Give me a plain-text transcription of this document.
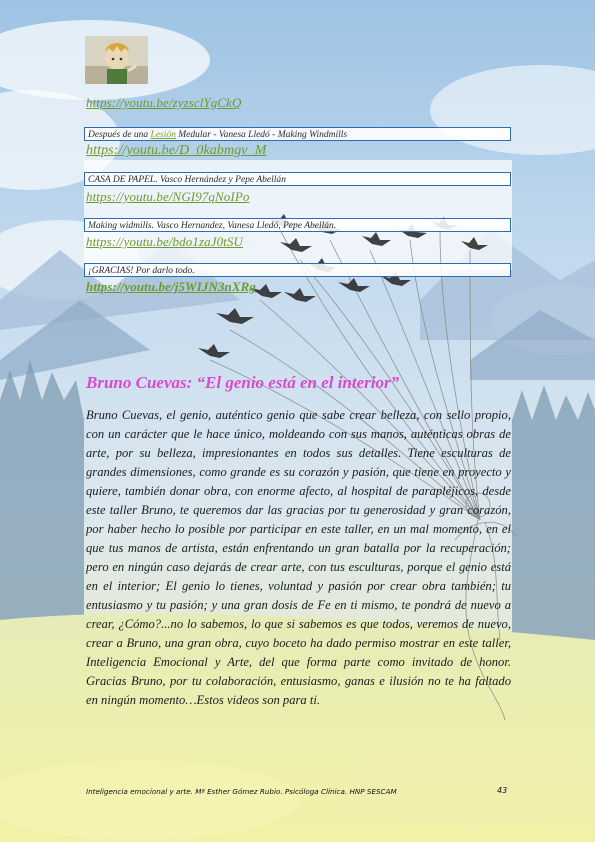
https://youtu.be/zyzsclYgCkQ
Después de una Lesión Medular - Vanesa Lledó - Making Windmills
https://youtu.be/D_0kabmgv_M
CASA DE PAPEL. Vasco Hernández y Pepe Abellán
https://youtu.be/NGI97qNoIPo
Making widmills. Vasco Hernandez, Vanesa Lledó, Pepe Abellán.
https://youtu.be/bdo1zaJ0tSU
¡GRACIAS! Por darlo todo.
https://youtu.be/j5WIJN3nXRg
Bruno Cuevas: “El genio está en el interior”
Bruno Cuevas, el genio, auténtico genio que sabe crear belleza, con sello propio, con un carácter que le hace único, moldeando con sus manos, auténticas obras de arte, por su belleza, impresionantes en todos sus detalles. Tiene esculturas de grandes dimensiones, como grande es su corazón y pasión, que tiene en proyecto y quiere, también donar obra, con enorme afecto, al hospital de parapléjicos, desde este taller Bruno, te queremos dar las gracias por tu generosidad y gran corazón, por haber hecho lo posible por participar en este taller, en un mal momento, en el que tus manos de artista, están enfrentando un gran batalla por la recuperación; pero en ningún caso dejarás de crear arte, con tus esculturas, porque el genio está en el interior; El genio lo tienes, voluntad y pasión por crear obra también; tu entusiasmo y tu pasión; y una gran dosis de Fe en ti mismo, te pondrá de nuevo a crear, ¿Cómo?...no lo sabemos, lo que si sabemos es que todos, veremos de nuevo, crear a Bruno, una gran obra, cuyo boceto ha dado permiso mostrar en este taller, Inteligencia Emocional y Arte, del que forma parte como invitado de honor. Gracias Bruno, por tu colaboración, entusiasmo, ganas e ilusión no te ha faltado en ningún momento…Estos videos son para ti.
Inteligencia emocional y arte. Mª Esther Gómez Rubio. Psicóloga Clínica. HNP SESCAM	43
